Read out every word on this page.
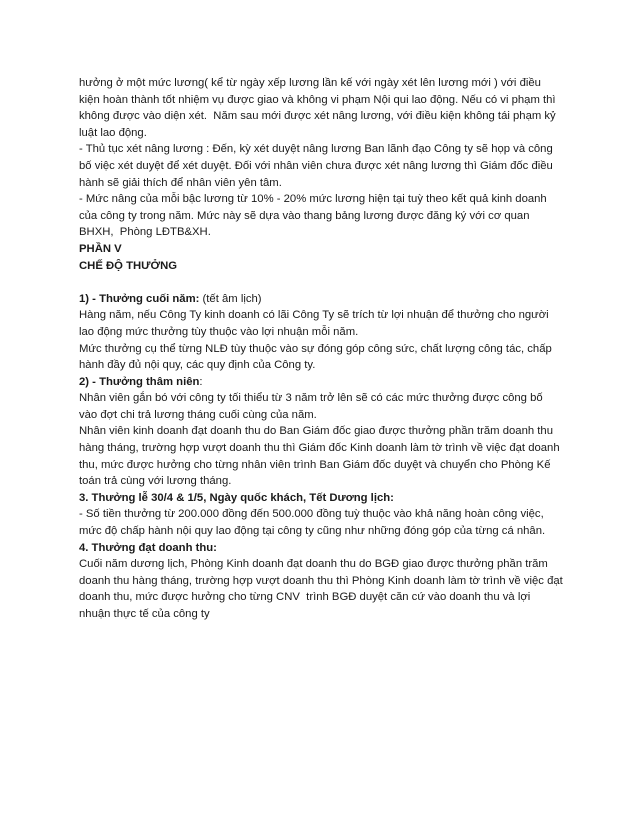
hưởng ở một mức lương( kể từ ngày xếp lương lần kế với ngày xét lên lương mới ) với điều kiện hoàn thành tốt nhiệm vụ được giao và không vi phạm Nội qui lao động. Nếu có vi phạm thì không được vào diện xét.  Năm sau mới được xét nâng lương, với điều kiện không tái phạm kỷ luật lao động.

- Thủ tục xét nâng lương : Đến, kỳ xét duyệt nâng lương Ban lãnh đạo Công ty sẽ họp và công bố việc xét duyệt để xét duyệt. Đối với nhân viên chưa được xét nâng lương thì Giám đốc điều hành sẽ giải thích để nhân viên yên tâm.

- Mức nâng của mỗi bậc lương từ 10% - 20% mức lương hiện tại tuỳ theo kết quả kinh doanh của công ty trong năm. Mức này sẽ dựa vào thang bảng lương được đăng ký với cơ quan BHXH,  Phòng LĐTB&XH.

PHẦN V

CHẾ ĐỘ THƯỞNG

1) - Thưởng cuối năm: (tết âm lịch)

Hàng năm, nếu Công Ty kinh doanh có lãi Công Ty sẽ trích từ lợi nhuận để thưởng cho người lao động mức thưởng tùy thuộc vào lợi nhuận mỗi năm.

Mức thưởng cụ thể từng NLĐ tùy thuộc vào sự đóng góp công sức, chất lượng công tác, chấp hành đầy đủ nội quy, các quy định của Công ty.

2) - Thưởng thâm niên:

Nhân viên gắn bó với công ty tối thiểu từ 3 năm trở lên sẽ có các mức thưởng được công bố vào đợt chi trả lương tháng cuối cùng của năm.

Nhân viên kinh doanh đạt doanh thu do Ban Giám đốc giao được thưởng phần trăm doanh thu hàng tháng, trường hợp vượt doanh thu thì Giám đốc Kinh doanh làm tờ trình về việc đạt doanh thu, mức được hưởng cho từng nhân viên trình Ban Giám đốc duyệt và chuyển cho Phòng Kế toán trả cùng với lương tháng.

3. Thưởng lễ 30/4 & 1/5, Ngày quốc khách, Tết Dương lịch:

- Số tiền thưởng từ 200.000 đồng đến 500.000 đồng tuỳ thuộc vào khả năng hoàn công việc, mức độ chấp hành nội quy lao động tại công ty cũng như những đóng góp của từng cá nhân.

4. Thưởng đạt doanh thu:

Cuối năm dương lịch, Phòng Kinh doanh đạt doanh thu do BGĐ giao được thưởng phần trăm doanh thu hàng tháng, trường hợp vượt doanh thu thì Phòng Kinh doanh làm tờ trình về việc đạt doanh thu, mức được hưởng cho từng CNV  trình BGĐ duyệt căn cứ vào doanh thu và lợi  nhuận thực tế của công ty
